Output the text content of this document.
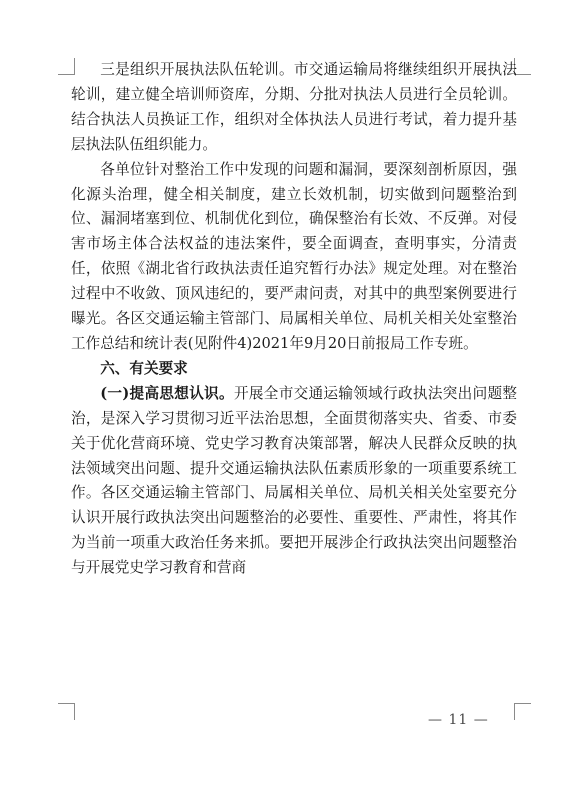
三是组织开展执法队伍轮训。市交通运输局将继续组织开展执法轮训，建立健全培训师资库，分期、分批对执法人员进行全员轮训。结合执法人员换证工作，组织对全体执法人员进行考试，着力提升基层执法队伍组织能力。

各单位针对整治工作中发现的问题和漏洞，要深刻剖析原因，强化源头治理，健全相关制度，建立长效机制，切实做到问题整治到位、漏洞堵塞到位、机制优化到位，确保整治有长效、不反弹。对侵害市场主体合法权益的违法案件，要全面调查，查明事实，分清责任，依照《湖北省行政执法责任追究暂行办法》规定处理。对在整治过程中不收敛、顶风违纪的，要严肃问责，对其中的典型案例要进行曝光。各区交通运输主管部门、局属相关单位、局机关相关处室整治工作总结和统计表(见附件4)2021年9月20日前报局工作专班。

六、有关要求

(一)提高思想认识。开展全市交通运输领域行政执法突出问题整治，是深入学习贯彻习近平法治思想，全面贯彻落实央、省委、市委关于优化营商环境、党史学习教育决策部署，解决人民群众反映的执法领域突出问题、提升交通运输执法队伍素质形象的一项重要系统工作。各区交通运输主管部门、局属相关单位、局机关相关处室要充分认识开展行政执法突出问题整治的必要性、重要性、严肃性，将其作为当前一项重大政治任务来抓。要把开展涉企行政执法突出问题整治与开展党史学习教育和营商

— 11 —
